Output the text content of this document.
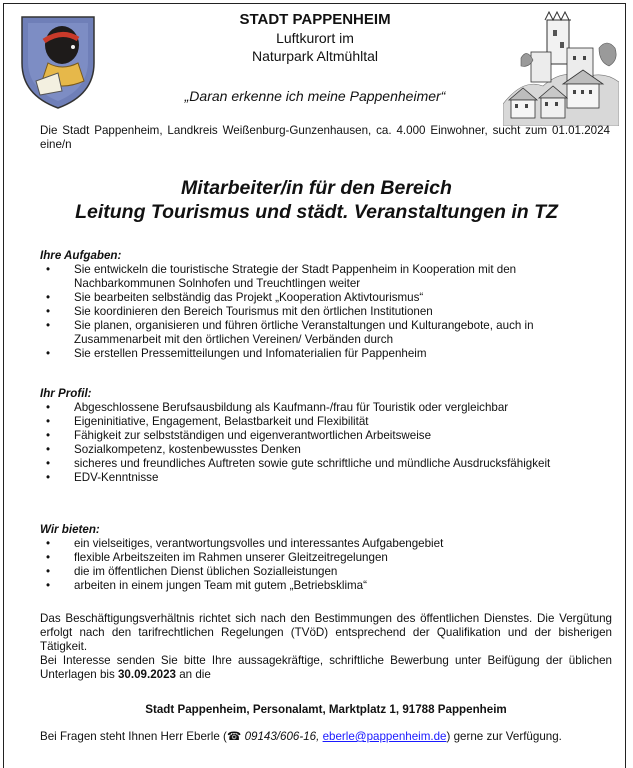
STADT PAPPENHEIM

Luftkurort im

Naturpark Altmühltal

„Daran erkenne ich meine Pappenheimer“
Die Stadt Pappenheim, Landkreis Weißenburg-Gunzenhausen, ca. 4.000 Einwohner, sucht zum 01.01.2024 eine/n
Mitarbeiter/in für den Bereich
Leitung Tourismus und städt. Veranstaltungen in TZ

Ihre Aufgaben:

• Sie entwickeln die touristische Strategie der Stadt Pappenheim in Kooperation mit den Nachbarkommunen Solnhofen und Treuchtlingen weiter
• Sie bearbeiten selbständig das Projekt „Kooperation Aktivtourismus“
• Sie koordinieren den Bereich Tourismus mit den örtlichen Institutionen
• Sie planen, organisieren und führen örtliche Veranstaltungen und Kulturangebote, auch in Zusammenarbeit mit den örtlichen Vereinen/ Verbänden durch
• Sie erstellen Pressemitteilungen und Infomaterialien für Pappenheim

Ihr Profil:

• Abgeschlossene Berufsausbildung als Kaufmann-/frau für Touristik oder vergleichbar
• Eigeninitiative, Engagement, Belastbarkeit und Flexibilität
• Fähigkeit zur selbstständigen und eigenverantwortlichen Arbeitsweise
• Sozialkompetenz, kostenbewusstes Denken
• sicheres und freundliches Auftreten sowie gute schriftliche und mündliche Ausdrucksfähigkeit
• EDV-Kenntnisse

Wir bieten:

• ein vielseitiges, verantwortungsvolles und interessantes Aufgabengebiet
• flexible Arbeitszeiten im Rahmen unserer Gleitzeitregelungen
• die im öffentlichen Dienst üblichen Sozialleistungen
• arbeiten in einem jungen Team mit gutem „Betriebsklima“

Das Beschäftigungsverhältnis richtet sich nach den Bestimmungen des öffentlichen Dienstes. Die Vergütung erfolgt nach den tarifrechtlichen Regelungen (TVöD) entsprechend der Qualifikation und der bisherigen Tätigkeit.

Bei Interesse senden Sie bitte Ihre aussagekräftige, schriftliche Bewerbung unter Beifügung der üblichen Unterlagen bis 30.09.2023 an die

Stadt Pappenheim, Personalamt, Marktplatz 1, 91788 Pappenheim
Bei Fragen steht Ihnen Herr Eberle (☎ 09143/606-16, eberle@pappenheim.de) gerne zur Verfügung.
